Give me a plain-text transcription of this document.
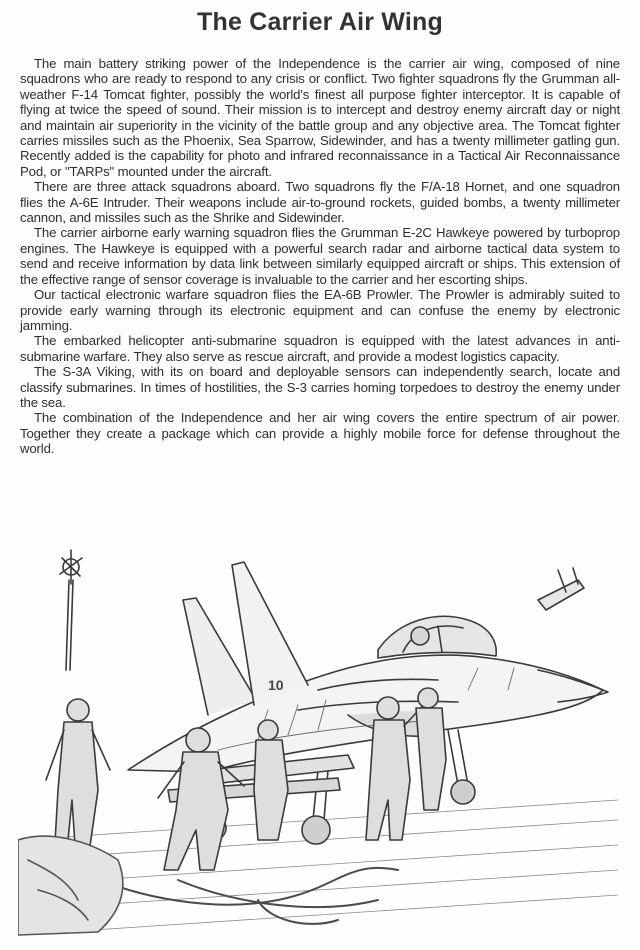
The Carrier Air Wing

The main battery striking power of the Independence is the carrier air wing, composed of nine squadrons who are ready to respond to any crisis or conflict. Two fighter squadrons fly the Grumman all-weather F-14 Tomcat fighter, possibly the world's finest all purpose fighter interceptor. It is capable of flying at twice the speed of sound. Their mission is to intercept and destroy enemy aircraft day or night and maintain air superiority in the vicinity of the battle group and any objective area. The Tomcat fighter carries missiles such as the Phoenix, Sea Sparrow, Sidewinder, and has a twenty millimeter gatling gun. Recently added is the capability for photo and infrared reconnaissance in a Tactical Air Reconnaissance Pod, or "TARPs" mounted under the aircraft.

There are three attack squadrons aboard. Two squadrons fly the F/A-18 Hornet, and one squadron flies the A-6E Intruder. Their weapons include air-to-ground rockets, guided bombs, a twenty millimeter cannon, and missiles such as the Shrike and Sidewinder.

The carrier airborne early warning squadron flies the Grumman E-2C Hawkeye powered by turboprop engines. The Hawkeye is equipped with a powerful search radar and airborne tactical data system to send and receive information by data link between similarly equipped aircraft or ships. This extension of the effective range of sensor coverage is invaluable to the carrier and her escorting ships.

Our tactical electronic warfare squadron flies the EA-6B Prowler. The Prowler is admirably suited to provide early warning through its electronic equipment and can confuse the enemy by electronic jamming.

The embarked helicopter anti-submarine squadron is equipped with the latest advances in anti-submarine warfare. They also serve as rescue aircraft, and provide a modest logistics capacity.

The S-3A Viking, with its on board and deployable sensors can independently search, locate and classify submarines. In times of hostilities, the S-3 carries homing torpedoes to destroy the enemy under the sea.

The combination of the Independence and her air wing covers the entire spectrum of air power. Together they create a package which can provide a highly mobile force for defense throughout the world.

10
